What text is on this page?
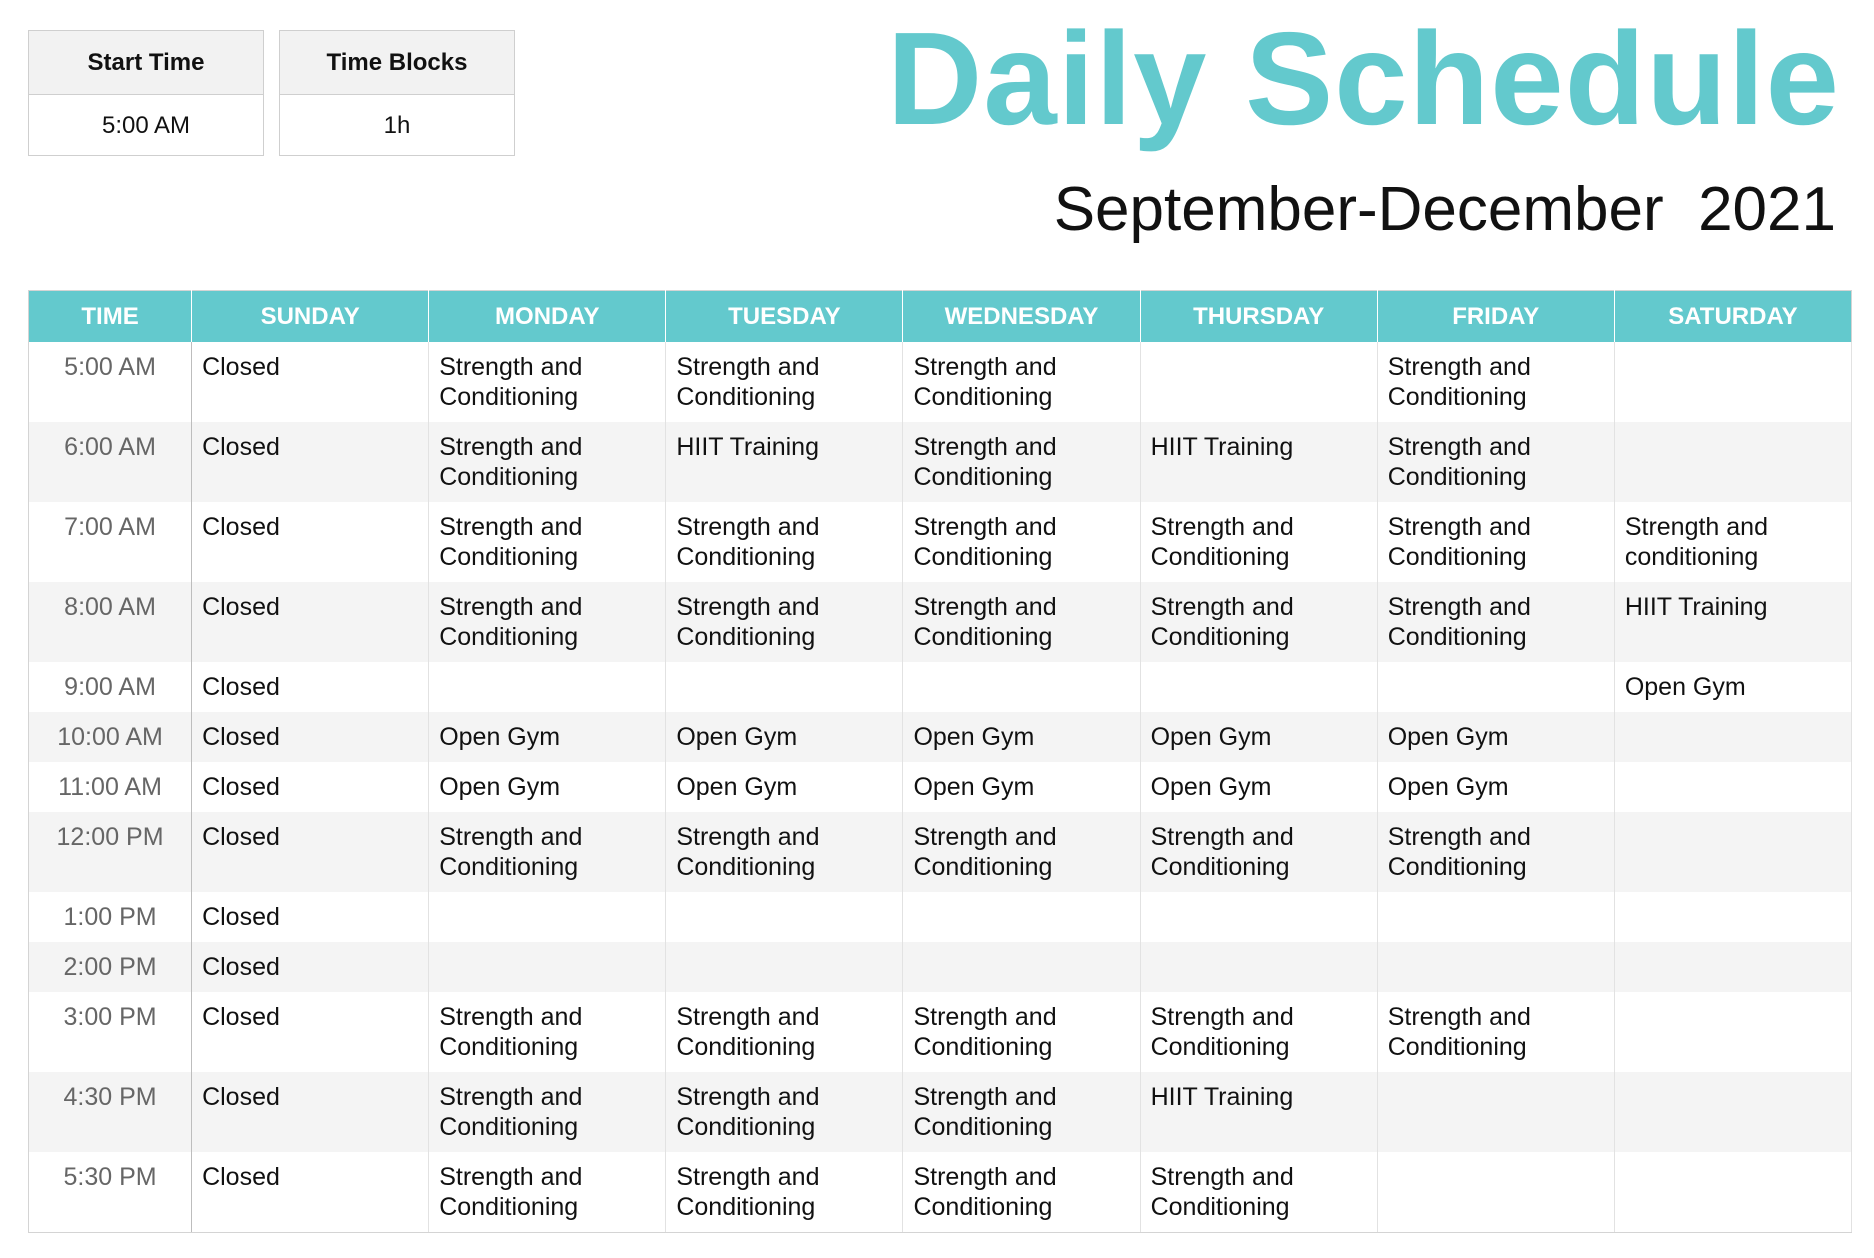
Start Time
5:00 AM
Time Blocks
1h	Daily Schedule
September-December  2021
TIME	SUNDAY	MONDAY	TUESDAY	WEDNESDAY	THURSDAY	FRIDAY	SATURDAY
5:00 AM	Closed	Strength and
Conditioning	Strength and
Conditioning	Strength and
Conditioning		Strength and
Conditioning	
6:00 AM	Closed	Strength and
Conditioning	HIIT Training	Strength and
Conditioning	HIIT Training	Strength and
Conditioning	
7:00 AM	Closed	Strength and
Conditioning	Strength and
Conditioning	Strength and
Conditioning	Strength and
Conditioning	Strength and
Conditioning	Strength and
conditioning
8:00 AM	Closed	Strength and
Conditioning	Strength and
Conditioning	Strength and
Conditioning	Strength and
Conditioning	Strength and
Conditioning	HIIT Training
9:00 AM	Closed						Open Gym
10:00 AM	Closed	Open Gym	Open Gym	Open Gym	Open Gym	Open Gym	
11:00 AM	Closed	Open Gym	Open Gym	Open Gym	Open Gym	Open Gym	
12:00 PM	Closed	Strength and
Conditioning	Strength and
Conditioning	Strength and
Conditioning	Strength and
Conditioning	Strength and
Conditioning	
1:00 PM	Closed						
2:00 PM	Closed						
3:00 PM	Closed	Strength and
Conditioning	Strength and
Conditioning	Strength and
Conditioning	Strength and
Conditioning	Strength and
Conditioning	
4:30 PM	Closed	Strength and
Conditioning	Strength and
Conditioning	Strength and
Conditioning	HIIT Training		
5:30 PM	Closed	Strength and
Conditioning	Strength and
Conditioning	Strength and
Conditioning	Strength and
Conditioning		
